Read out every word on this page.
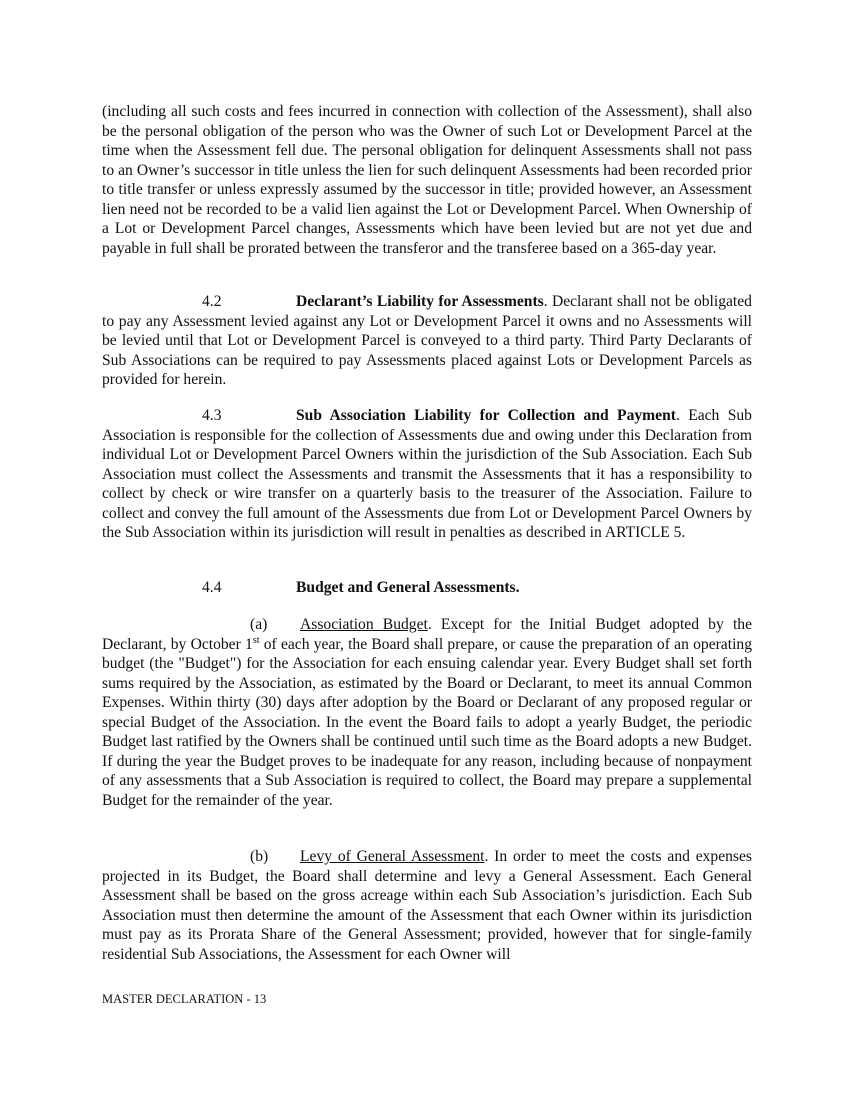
(including all such costs and fees incurred in connection with collection of the Assessment), shall also be the personal obligation of the person who was the Owner of such Lot or Development Parcel at the time when the Assessment fell due. The personal obligation for delinquent Assessments shall not pass to an Owner’s successor in title unless the lien for such delinquent Assessments had been recorded prior to title transfer or unless expressly assumed by the successor in title; provided however, an Assessment lien need not be recorded to be a valid lien against the Lot or Development Parcel. When Ownership of a Lot or Development Parcel changes, Assessments which have been levied but are not yet due and payable in full shall be prorated between the transferor and the transferee based on a 365-day year.

4.2	Declarant’s Liability for Assessments. Declarant shall not be obligated to pay any Assessment levied against any Lot or Development Parcel it owns and no Assessments will be levied until that Lot or Development Parcel is conveyed to a third party. Third Party Declarants of Sub Associations can be required to pay Assessments placed against Lots or Development Parcels as provided for herein.

4.3	Sub Association Liability for Collection and Payment. Each Sub Association is responsible for the collection of Assessments due and owing under this Declaration from individual Lot or Development Parcel Owners within the jurisdiction of the Sub Association. Each Sub Association must collect the Assessments and transmit the Assessments that it has a responsibility to collect by check or wire transfer on a quarterly basis to the treasurer of the Association. Failure to collect and convey the full amount of the Assessments due from Lot or Development Parcel Owners by the Sub Association within its jurisdiction will result in penalties as described in ARTICLE 5.

4.4	Budget and General Assessments.

(a) Association Budget. Except for the Initial Budget adopted by the Declarant, by October 1st of each year, the Board shall prepare, or cause the preparation of an operating budget (the "Budget") for the Association for each ensuing calendar year. Every Budget shall set forth sums required by the Association, as estimated by the Board or Declarant, to meet its annual Common Expenses. Within thirty (30) days after adoption by the Board or Declarant of any proposed regular or special Budget of the Association. In the event the Board fails to adopt a yearly Budget, the periodic Budget last ratified by the Owners shall be continued until such time as the Board adopts a new Budget. If during the year the Budget proves to be inadequate for any reason, including because of nonpayment of any assessments that a Sub Association is required to collect, the Board may prepare a supplemental Budget for the remainder of the year.

(b) Levy of General Assessment. In order to meet the costs and expenses projected in its Budget, the Board shall determine and levy a General Assessment. Each General Assessment shall be based on the gross acreage within each Sub Association’s jurisdiction. Each Sub Association must then determine the amount of the Assessment that each Owner within its jurisdiction must pay as its Prorata Share of the General Assessment; provided, however that for single-family residential Sub Associations, the Assessment for each Owner will

MASTER DECLARATION - 13
